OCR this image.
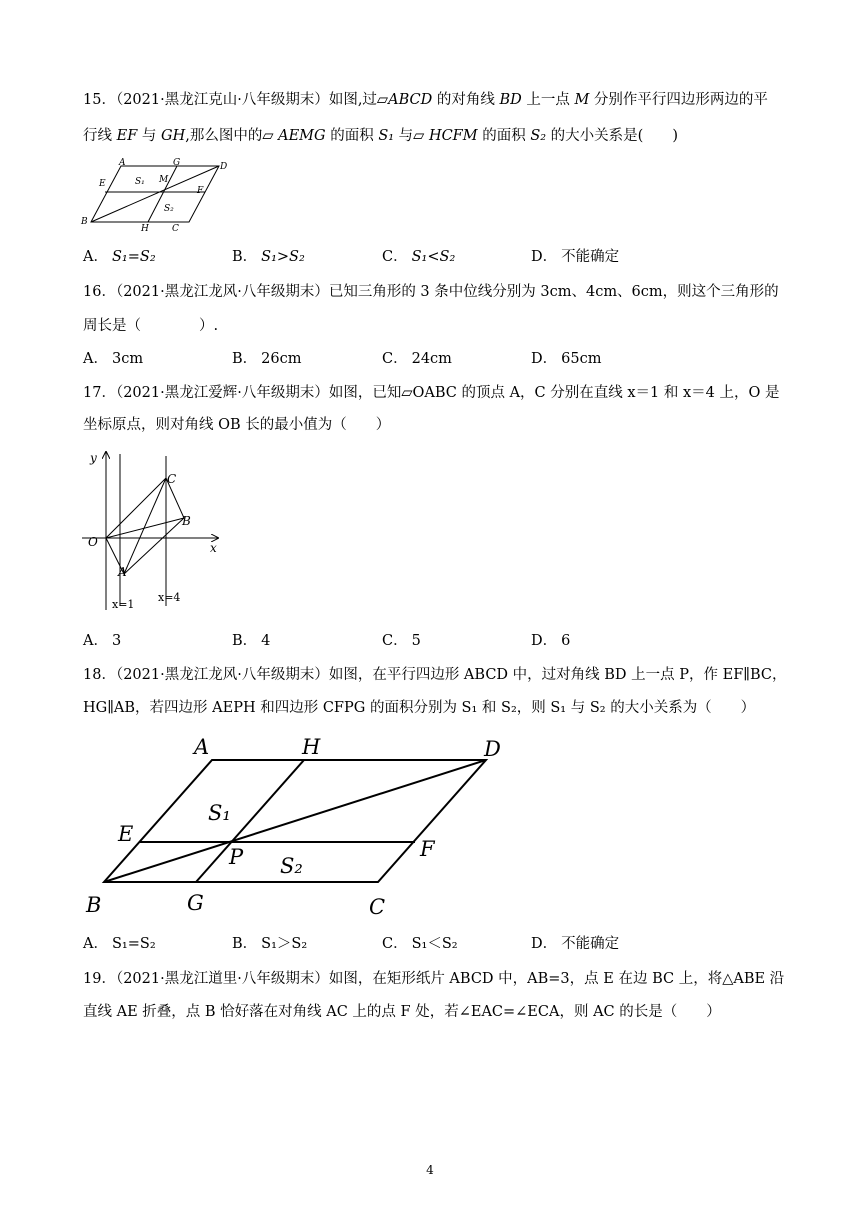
15．（2021·黑龙江克山·八年级期末）如图,过▱ABCD 的对角线 BD 上一点 M 分别作平行四边形两边的平
行线 EF 与 GH,那么图中的▱ AEMG 的面积 S₁ 与▱ HCFM 的面积 S₂ 的大小关系是(　　)
A	G	D
E	S₁ M
F
B
S₂
H	C
A． S₁=S₂	B． S₁>S₂	C． S₁<S₂	D． 不能确定
16．（2021·黑龙江龙风·八年级期末）已知三角形的 3 条中位线分别为 3cm、4cm、6cm，则这个三角形的
周长是（　　　　）.
A． 3cm	B． 26cm	C． 24cm	D． 65cm
17．（2021·黑龙江爱辉·八年级期末）如图，已知▱OABC 的顶点 A，C 分别在直线 x＝1 和 x＝4 上，O 是
坐标原点，则对角线 OB 长的最小值为（　　）
y
C
B
O	x
A
x=1
x=4
A． 3	B． 4	C． 5	D． 6
18．（2021·黑龙江龙风·八年级期末）如图，在平行四边形 ABCD 中，过对角线 BD 上一点 P，作 EF∥BC，
HG∥AB，若四边形 AEPH 和四边形 CFPG 的面积分别为 S₁ 和 S₂，则 S₁ 与 S₂ 的大小关系为（　　）
A	H	D
S₁
E
P S₂
F
B	G	C
A． S₁=S₂	B． S₁＞S₂	C． S₁＜S₂	D． 不能确定
19．（2021·黑龙江道里·八年级期末）如图，在矩形纸片 ABCD 中，AB=3，点 E 在边 BC 上，将△ABE 沿
直线 AE 折叠，点 B 恰好落在对角线 AC 上的点 F 处，若∠EAC=∠ECA，则 AC 的长是（　　）
4
